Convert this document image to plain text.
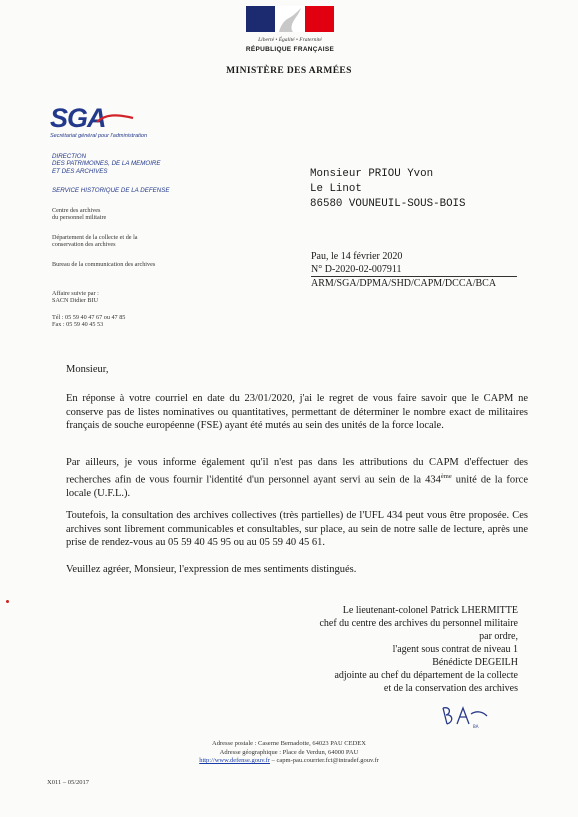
Liberté • Égalité • Fraternité
RÉPUBLIQUE FRANÇAISE
MINISTÈRE DES ARMÉES
SGA
Secrétariat général pour l'administration
DIRECTION
DES PATRIMOINES, DE LA MEMOIRE
ET DES ARCHIVES
SERVICE HISTORIQUE DE LA DEFENSE
Centre des archives
du personnel militaire
Département de la collecte et de la
conservation des archives
Bureau de la communication des archives
Affaire suivie par :
SACN Didier BIU
Tél : 05 59 40 47 67 ou 47 85
Fax : 05 59 40 45 53
Monsieur PRIOU Yvon
Le Linot
86580 VOUNEUIL-SOUS-BOIS
Pau, le 14 février 2020
N° D-2020-02-007911
ARM/SGA/DPMA/SHD/CAPM/DCCA/BCA
Monsieur,
En réponse à votre courriel en date du 23/01/2020, j'ai le regret de vous faire savoir que le CAPM ne conserve pas de listes nominatives ou quantitatives, permettant de déterminer le nombre exact de militaires français de souche européenne (FSE) ayant été mutés au sein des unités de la force locale.
Par ailleurs, je vous informe également qu'il n'est pas dans les attributions du CAPM d'effectuer des recherches afin de vous fournir l'identité d'un personnel ayant servi au sein de la 434ème unité de la force locale (U.F.L.).
Toutefois, la consultation des archives collectives (très partielles) de l'UFL 434 peut vous être proposée. Ces archives sont librement communicables et consultables, sur place, au sein de notre salle de lecture, après une prise de rendez-vous au 05 59 40 45 95 ou au 05 59 40 45 61.
Veuillez agréer, Monsieur, l'expression de mes sentiments distingués.
Le lieutenant-colonel Patrick LHERMITTE
chef du centre des archives du personnel militaire
par ordre,
l'agent sous contrat de niveau 1
Bénédicte DEGEILH
adjointe au chef du département de la collecte
et de la conservation des archives
BA
Adresse postale : Caserne Bernadotte, 64023 PAU CEDEX
Adresse géographique : Place de Verdun, 64000 PAU
http://www.defense.gouv.fr – capm-pau.courrier.fct@intradef.gouv.fr
X011 – 05/2017
